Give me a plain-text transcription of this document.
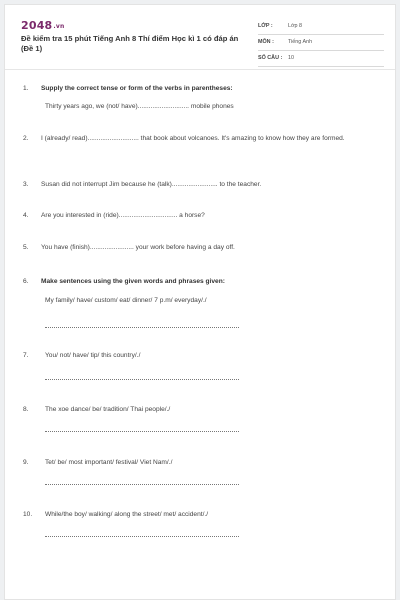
2048.vn
Đề kiểm tra 15 phút Tiếng Anh 8 Thí điểm Học kì 1 có đáp án (Đề 1)
LỚP :	Lớp 8
MÔN :	Tiếng Anh
SỐ CÂU : 10
1. Supply the correct tense or form of the verbs in parentheses:
Thirty years ago, we (not/ have)............................ mobile phones
2. I (already/ read)............................ that book about volcanoes. It's amazing to know how they are formed.
3. Susan did not interrupt Jim because he (talk)......................... to the teacher.
4. Are you interested in (ride)................................ a horse?
5. You have (finish)........................ your work before having a day off.
6. Make sentences using the given words and phrases given:
My family/ have/ custom/ eat/ dinner/ 7 p.m/ everyday/./
7.	You/ not/ have/ tip/ this country/./
8.	The xoe dance/ be/ tradition/ Thai people/./
9.	Tet/ be/ most important/ festival/ Viet Nam/./
10. While/the boy/ walking/ along the street/ met/ accident/./
